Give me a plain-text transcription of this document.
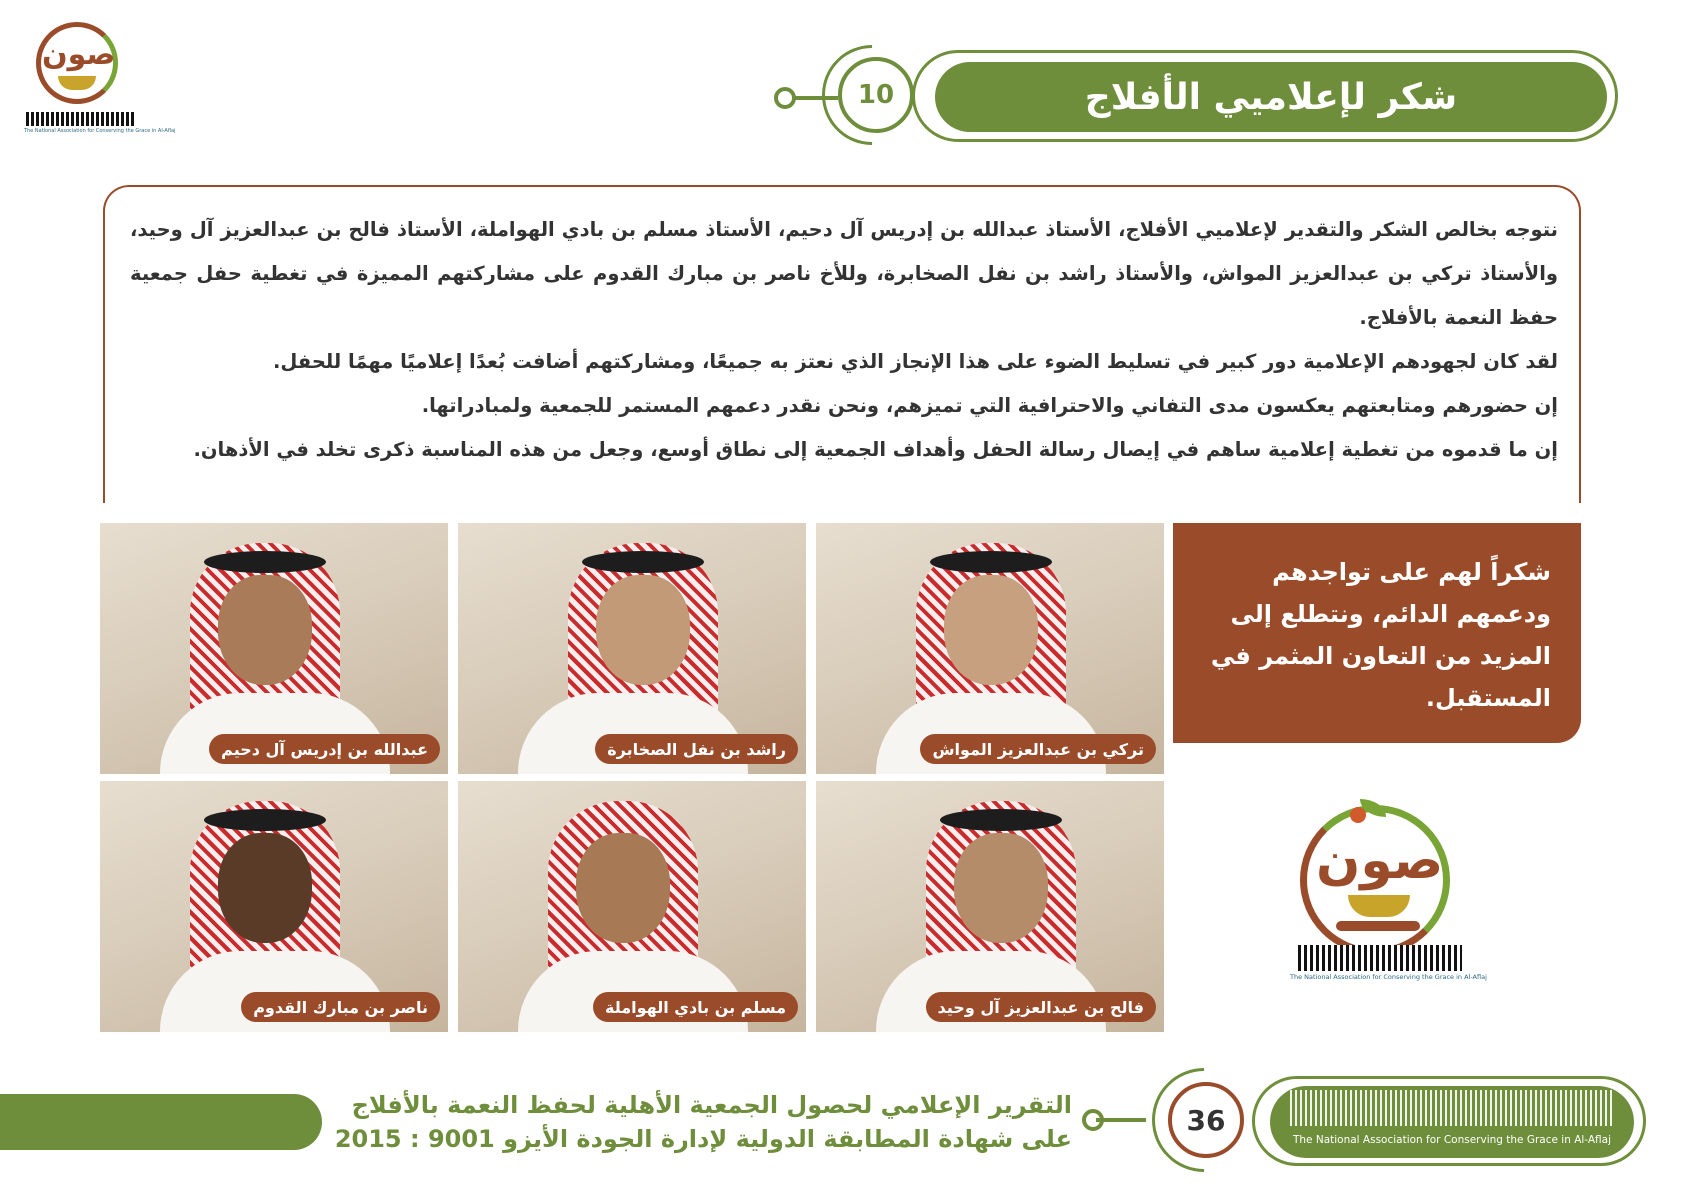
صون
The National Association for Conserving the Grace in Al-Aflaj
شكر لإعلاميي الأفلاج
10

نتوجه بخالص الشكر والتقدير لإعلاميي الأفلاج، الأستاذ عبدالله بن إدريس آل دحيم، الأستاذ مسلم بن بادي الهواملة، الأستاذ فالح بن عبدالعزيز آل وحيد، والأستاذ تركي بن عبدالعزيز المواش، والأستاذ راشد بن نفل الصخابرة، وللأخ ناصر بن مبارك القدوم على مشاركتهم المميزة في تغطية حفل جمعية حفظ النعمة بالأفلاج.

لقد كان لجهودهم الإعلامية دور كبير في تسليط الضوء على هذا الإنجاز الذي نعتز به جميعًا، ومشاركتهم أضافت بُعدًا إعلاميًا مهمًا للحفل.

إن حضورهم ومتابعتهم يعكسون مدى التفاني والاحترافية التي تميزهم، ونحن نقدر دعمهم المستمر للجمعية ولمبادراتها.

إن ما قدموه من تغطية إعلامية ساهم في إيصال رسالة الحفل وأهداف الجمعية إلى نطاق أوسع، وجعل من هذه المناسبة ذكرى تخلد في الأذهان.

عبدالله بن إدريس آل دحيم	راشد بن نفل الصخابرة	تركي بن عبدالعزيز المواش
ناصر بن مبارك القدوم	مسلم بن بادي الهواملة	فالح بن عبدالعزيز آل وحيد
شكراً لهم على تواجدهم ودعمهم الدائم، ونتطلع إلى المزيد من التعاون المثمر في المستقبل.
صون
The National Association for Conserving the Grace in Al-Aflaj
التقرير الإعلامي لحصول الجمعية الأهلية لحفظ النعمة بالأفلاج
على شهادة المطابقة الدولية لإدارة الجودة الأيزو 9001 : 2015
36
The National Association for Conserving the Grace in Al-Aflaj
